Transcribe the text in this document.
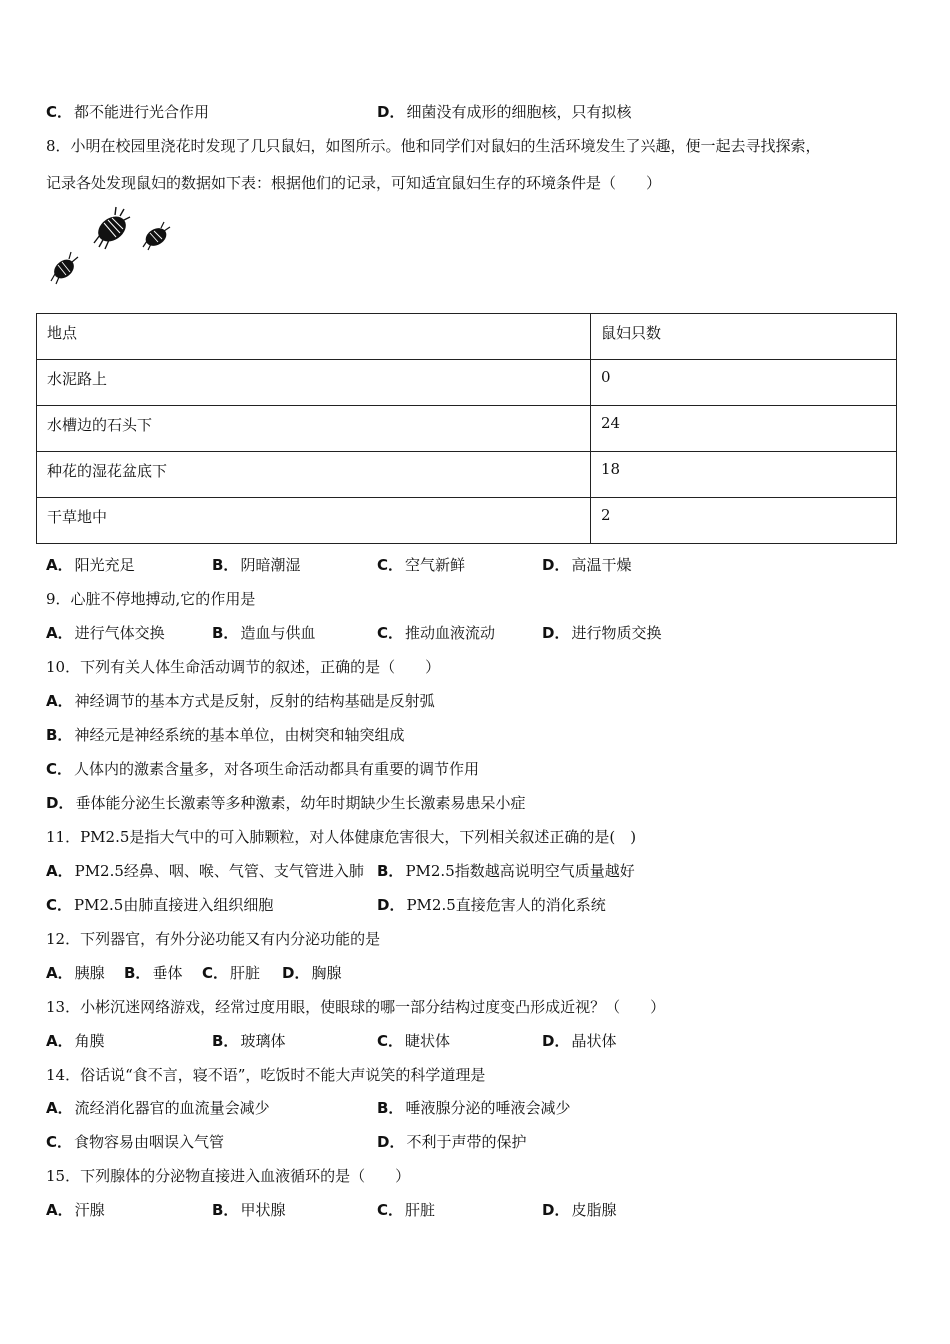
C． 都不能进行光合作用	D． 细菌没有成形的细胞核，只有拟核
8．小明在校园里浇花时发现了几只鼠妇，如图所示。他和同学们对鼠妇的生活环境发生了兴趣，便一起去寻找探索，
记录各处发现鼠妇的数据如下表：根据他们的记录，可知适宜鼠妇生存的环境条件是（　　）
地点	鼠妇只数
水泥路上	0
水槽边的石头下	24
种花的湿花盆底下	18
干草地中	2
A． 阳光充足	B． 阴暗潮湿	C． 空气新鲜	D． 高温干燥
9．心脏不停地搏动,它的作用是
A． 进行气体交换	B． 造血与供血	C． 推动血液流动	D． 进行物质交换
10．下列有关人体生命活动调节的叙述，正确的是（　　）
A． 神经调节的基本方式是反射，反射的结构基础是反射弧
B． 神经元是神经系统的基本单位，由树突和轴突组成
C． 人体内的激素含量多，对各项生命活动都具有重要的调节作用
D． 垂体能分泌生长激素等多种激素，幼年时期缺少生长激素易患呆小症
11．PM2.5是指大气中的可入肺颗粒，对人体健康危害很大，下列相关叙述正确的是(　)
A． PM2.5经鼻、咽、喉、气管、支气管进入肺 B． PM2.5指数越高说明空气质量越好
C． PM2.5由肺直接进入组织细胞	D． PM2.5直接危害人的消化系统
12．下列器官，有外分泌功能又有内分泌功能的是
A． 胰腺 B． 垂体 C． 肝脏 D． 胸腺
13．小彬沉迷网络游戏，经常过度用眼，使眼球的哪一部分结构过度变凸形成近视？（　　）
A． 角膜	B． 玻璃体	C． 睫状体	D． 晶状体
14．俗话说“食不言，寝不语”，吃饭时不能大声说笑的科学道理是
A． 流经消化器官的血流量会减少	B． 唾液腺分泌的唾液会减少
C． 食物容易由咽误入气管	D． 不利于声带的保护
15．下列腺体的分泌物直接进入血液循环的是（　　）
A． 汗腺	B． 甲状腺	C． 肝脏	D． 皮脂腺
